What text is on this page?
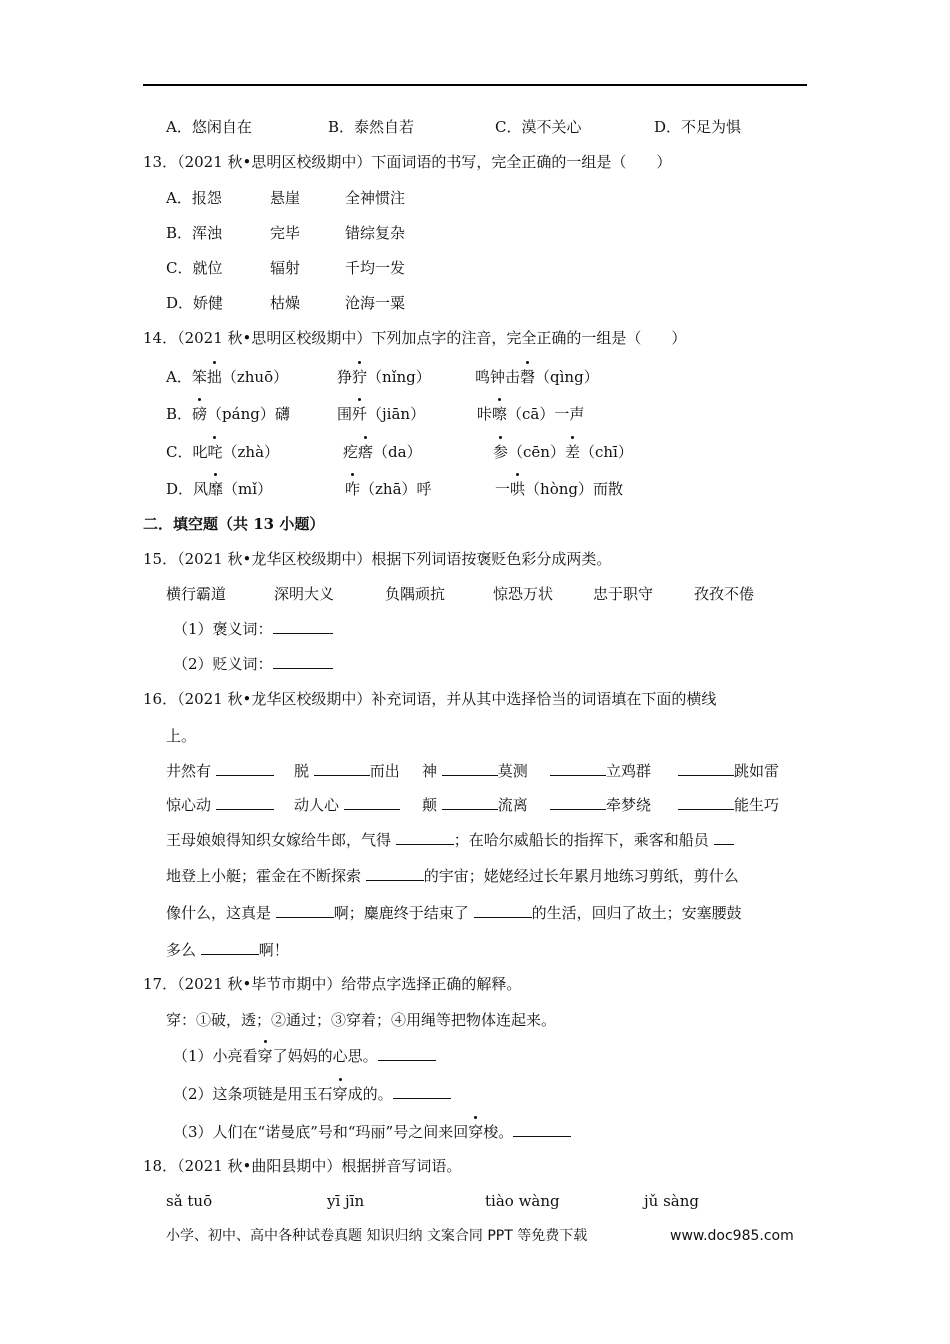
A．悠闲自在	B．泰然自若	C．漠不关心	D．不足为惧
13．（2021 秋•思明区校级期中）下面词语的书写，完全正确的一组是（　　）
A．报怨	悬崖	全神惯注
B．浑浊	完毕	错综复杂
C．就位	辐射	千均一发
D．娇健	枯燥	沧海一粟
14．（2021 秋•思明区校级期中）下列加点字的注音，完全正确的一组是（　　）
A．笨拙（zhuō）	狰狞（nǐng）	鸣钟击磬（qìng）
B．磅（páng）礴	围歼（jiān）	咔嚓（cā）一声
C．叱咤（zhà）	疙瘩（da）	参（cēn）差（chī）
D．风靡（mǐ）	咋（zhā）呼	一哄（hòng）而散
二．填空题（共 13 小题）
15．（2021 秋•龙华区校级期中）根据下列词语按褒贬色彩分成两类。
横行霸道	深明大义	负隅顽抗	惊恐万状	忠于职守	孜孜不倦
（1）褒义词：
（2）贬义词：
16．（2021 秋•龙华区校级期中）补充词语，并从其中选择恰当的词语填在下面的横线
上。
井然有	脱	而出 神	莫测	立鸡群	跳如雷
惊心动	动人心	颠	流离	牵梦绕	能生巧
王母娘娘得知织女嫁给牛郎，气得	；在哈尔威船长的指挥下，乘客和船员
地登上小艇；霍金在不断探索	的宇宙；姥姥经过长年累月地练习剪纸，剪什么
像什么，这真是	啊；麋鹿终于结束了	的生活，回归了故土；安塞腰鼓
多么	啊！
17．（2021 秋•毕节市期中）给带点字选择正确的解释。
穿：①破，透；②通过；③穿着；④用绳等把物体连起来。
（1）小亮看穿了妈妈的心思。
（2）这条项链是用玉石穿成的。
（3）人们在“诺曼底”号和“玛丽”号之间来回穿梭。
18．（2021 秋•曲阳县期中）根据拼音写词语。
sǎ tuō	yī jīn	tiào wàng	jǔ sàng
小学、初中、高中各种试卷真题 知识归纳 文案合同 PPT 等免费下载	www.doc985.com
